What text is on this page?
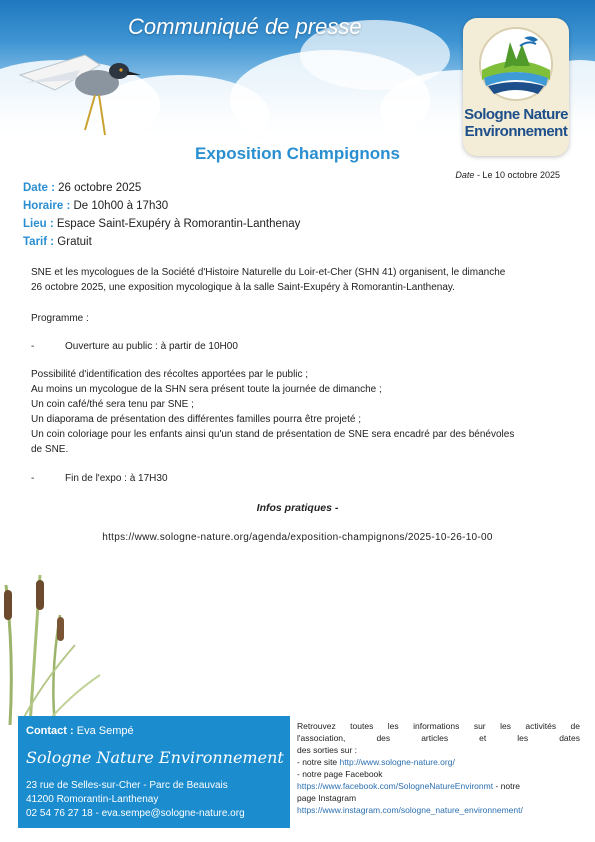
Communiqué de presse
Sologne Nature Environnement
Exposition Champignons
Date - Le 10 octobre 2025
Date : 26 octobre 2025
Horaire : De 10h00 à 17h30
Lieu : Espace Saint-Exupéry à Romorantin-Lanthenay
Tarif : Gratuit
SNE et les mycologues de la Société d'Histoire Naturelle du Loir-et-Cher (SHN 41) organisent, le dimanche
26 octobre 2025, une exposition mycologique à la salle Saint-Exupéry à Romorantin-Lanthenay.
Programme :
-	Ouverture au public : à partir de 10H00
Possibilité d'identification des récoltes apportées par le public ;
Au moins un mycologue de la SHN sera présent toute la journée de dimanche ;
Un coin café/thé sera tenu par SNE ;
Un diaporama de présentation des différentes familles pourra être projeté ;
Un coin coloriage pour les enfants ainsi qu'un stand de présentation de SNE sera encadré par des bénévoles
de SNE.
-	Fin de l'expo : à 17H30
Infos pratiques -
https://www.sologne-nature.org/agenda/exposition-champignons/2025-10-26-10-00
Contact : Eva Sempé
Sologne Nature Environnement
23 rue de Selles-sur-Cher - Parc de Beauvais
41200 Romorantin-Lanthenay
02 54 76 27 18 - eva.sempe@sologne-nature.org
Retrouvez toutes les informations sur les activités de
l'association, des articles et les dates
des sorties sur :
- notre site http://www.sologne-nature.org/
- notre page Facebook
https://www.facebook.com/SologneNatureEnvironmt - notre
page Instagram
https://www.instagram.com/sologne_nature_environnement/
